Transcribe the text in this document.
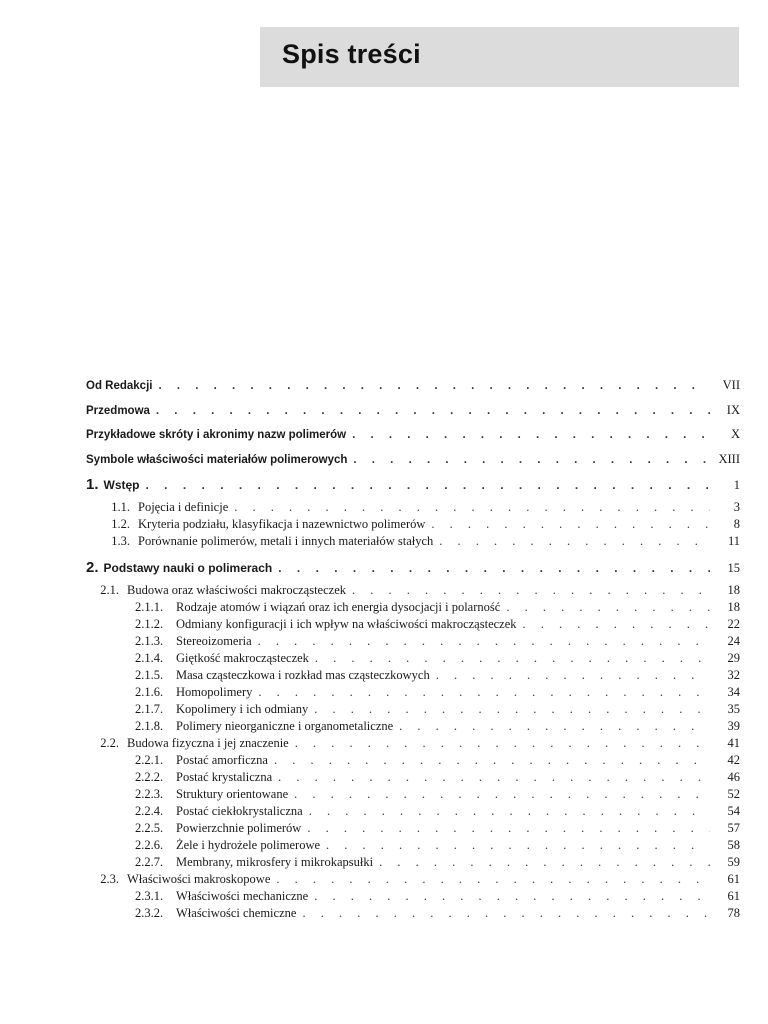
Spis treści
Od Redakcji . . .	VII
Przedmowa . . .	IX
Przykładowe skróty i akronimy nazw polimerów . . .	X
Symbole właściwości materiałów polimerowych . . .	XIII
1. Wstęp . . .	1
1.1. Pojęcia i definicje . . .	3
1.2. Kryteria podziału, klasyfikacja i nazewnictwo polimerów . . .	8
1.3. Porównanie polimerów, metali i innych materiałów stałych . . .	11
2. Podstawy nauki o polimerach . . .	15
2.1. Budowa oraz właściwości makrocząsteczek . . .	18
2.1.1. Rodzaje atomów i wiązań oraz ich energia dysocjacji i polarność . . .	18
2.1.2. Odmiany konfiguracji i ich wpływ na właściwości makrocząsteczek . . .	22
2.1.3. Stereoizomeria . . .	24
2.1.4. Giętkość makrocząsteczek . . .	29
2.1.5. Masa cząsteczkowa i rozkład mas cząsteczkowych . . .	32
2.1.6. Homopolimery . . .	34
2.1.7. Kopolimery i ich odmiany . . .	35
2.1.8. Polimery nieorganiczne i organometaliczne . . .	39
2.2. Budowa fizyczna i jej znaczenie . . .	41
2.2.1. Postać amorficzna . . .	42
2.2.2. Postać krystaliczna . . .	46
2.2.3. Struktury orientowane . . .	52
2.2.4. Postać ciekłokrystaliczna . . .	54
2.2.5. Powierzchnie polimerów . . .	57
2.2.6. Żele i hydrożele polimerowe . . .	58
2.2.7. Membrany, mikrosfery i mikrokapsułki . . .	59
2.3. Właściwości makroskopowe . . .	61
2.3.1. Właściwości mechaniczne . . .	61
2.3.2. Właściwości chemiczne . . .	78
